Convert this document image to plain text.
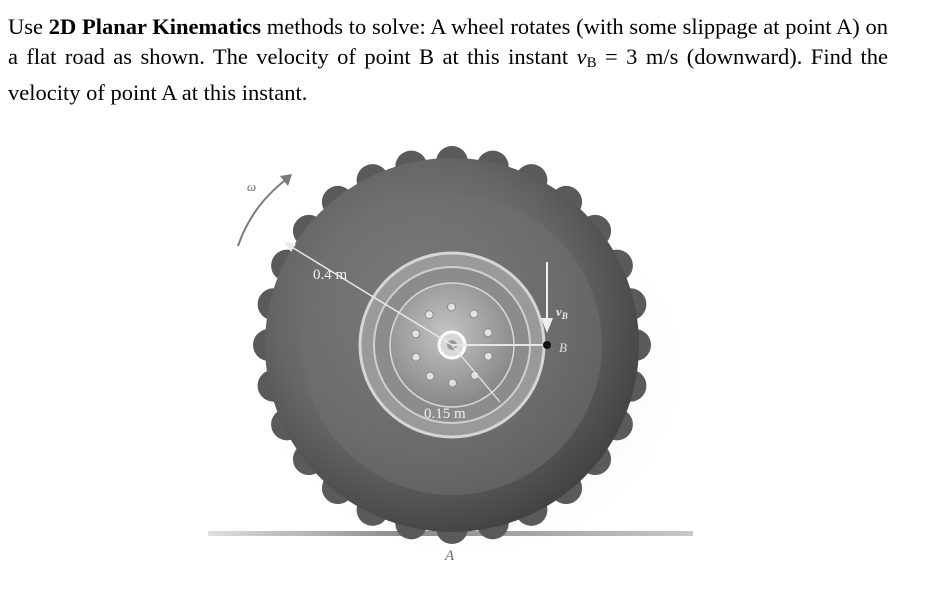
Use 2D Planar Kinematics methods to solve: A wheel rotates (with some slippage at point A) on a flat road as shown. The velocity of point B at this instant $v_B = 3$ m/s (downward). Find the velocity of point A at this instant.
$v_B$
B
0.4 m
0.15 m
ω
A
